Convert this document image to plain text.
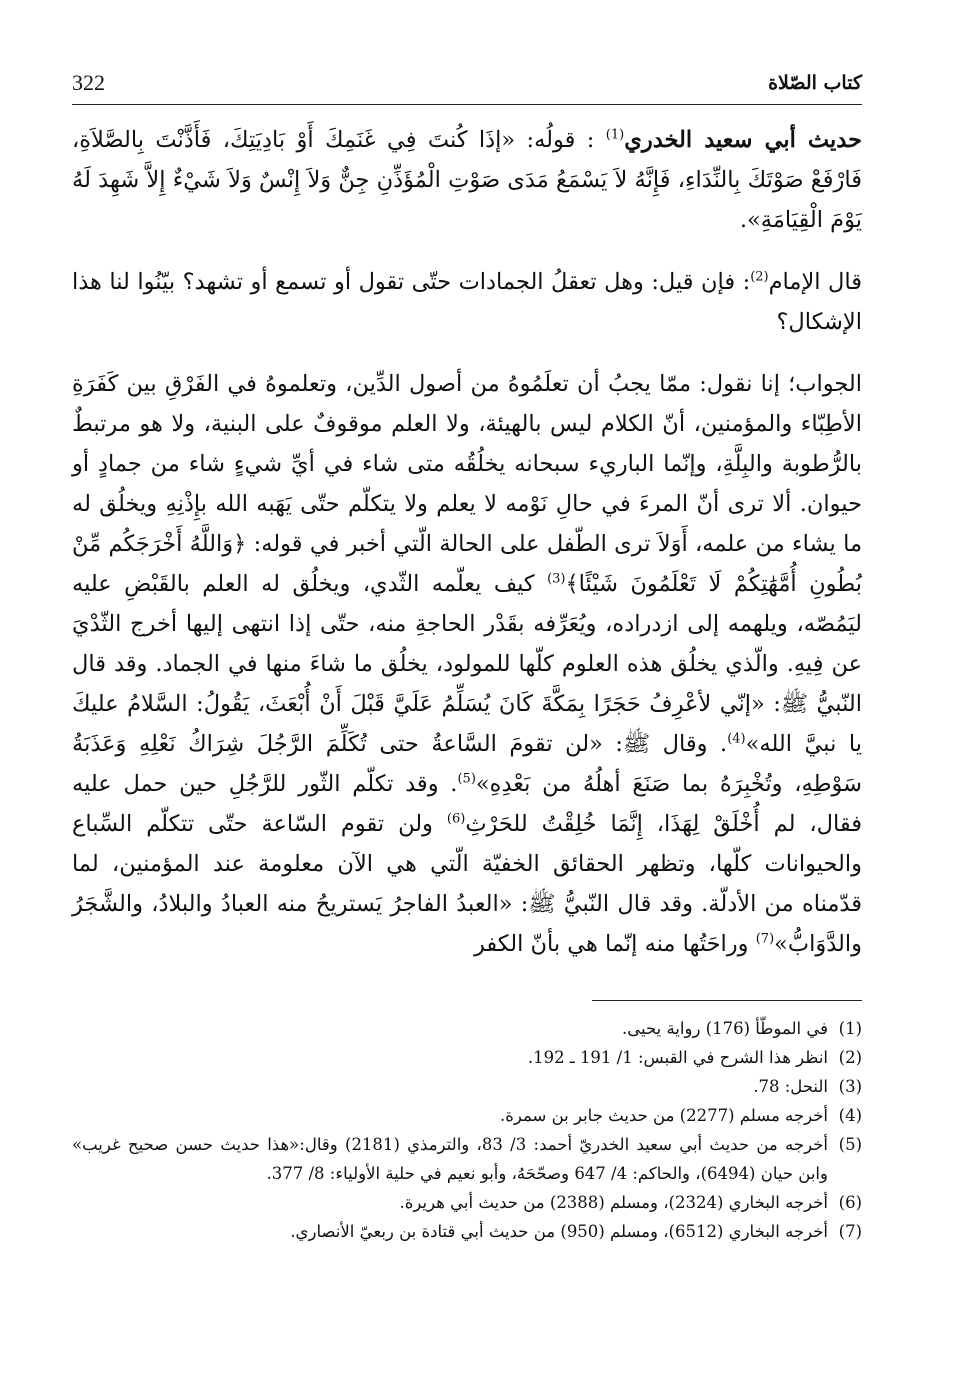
322	كتاب الصّلاة

حديث أبي سعيد الخدري$^{(1)}$ : قولُه: «إذَا كُنتَ فِي غَنَمِكَ أَوْ بَادِيَتِكَ، فَأَذَّنْتَ بِالصَّلاَةِ، فَارْفَعْ صَوْتَكَ بِالنِّدَاءِ، فَإِنَّهُ لاَ يَسْمَعُ مَدَى صَوْتِ الْمُؤَذِّنِ جِنٌّ وَلاَ إِنْسٌ وَلاَ شَيْءٌ إِلاَّ شَهِدَ لَهُ يَوْمَ الْقِيَامَةِ».

قال الإمام$^{(2)}$: فإن قيل: وهل تعقلُ الجمادات حتّى تقول أو تسمع أو تشهد؟ بيّنُوا لنا هذا الإشكال؟

الجواب؛ إنا نقول: ممّا يجبُ أن تعلَمُوهُ من أصول الدِّين، وتعلموهُ في الفَرْقِ بين كَفَرَةِ الأطِبّاء والمؤمنين، أنّ الكلام ليس بالهيئة، ولا العلم موقوفٌ على البنية، ولا هو مرتبطٌ بالرُّطوبة والبِلَّةِ، وإنّما الباريء سبحانه يخلُقُه متى شاء في أيِّ شيءٍ شاء من جمادٍ أو حيوان. ألا ترى أنّ المرءَ في حالِ نَوْمه لا يعلم ولا يتكلّم حتّى يَهَبه الله بإِذْنِهِ ويخلُق له ما يشاء من علمه، أَوَلاَ ترى الطّفل على الحالة الّتي أخبر في قوله: ﴿وَاللَّهُ أَخْرَجَكُم مِّنْ بُطُونِ أُمَّهَٰتِكُمْ لَا تَعْلَمُونَ شَيْئًا﴾$^{(3)}$ كيف يعلّمه الثّدي، ويخلُق له العلم بالقَبْضِ عليه ليَمُصّه، ويلهمه إلى ازدراده، ويُعَرِّفه بقَدْر الحاجةِ منه، حتّى إذا انتهى إليها أخرج الثّدْيَ عن فِيهِ. والّذي يخلُق هذه العلوم كلّها للمولود، يخلُق ما شاءَ منها في الجماد. وقد قال النّبيُّ ﷺ: «إنّي لأعْرِفُ حَجَرًا بِمَكَّةَ كَانَ يُسَلِّمُ عَلَيَّ قَبْلَ أَنْ أُبْعَثَ، يَقُولُ: السَّلامُ عليكَ يا نبيَّ الله»$^{(4)}$. وقال ﷺ: «لن تقومَ السَّاعةُ حتى تُكَلِّمَ الرَّجُلَ شِرَاكُ نَعْلِهِ وَعَذَبَةُ سَوْطِهِ، وتُخْبِرَهُ بما صَنَعَ أهلُهُ من بَعْدِهِ»$^{(5)}$. وقد تكلّم الثّور للرَّجُلِ حين حمل عليه فقال، لم أُخْلَقْ لِهَذَا، إِنَّمَا خُلِقْتُ للحَرْثِ$^{(6)}$ ولن تقوم السّاعة حتّى تتكلّم السِّباع والحيوانات كلّها، وتظهر الحقائق الخفيّة الّتي هي الآن معلومة عند المؤمنين، لما قدّمناه من الأدلّة. وقد قال النّبيُّ ﷺ: «العبدُ الفاجرُ يَستريحُ منه العبادُ والبلادُ، والشَّجَرُ والدَّوَابُّ»$^{(7)}$ وراحَتُها منه إنّما هي بأنّ الكفر

(1)
في الموطّأ (176) رواية يحيى.
(2)
انظر هذا الشرح في القبس: 1/ 191 ـ 192.
(3)
النحل: 78.
(4)
أخرجه مسلم (2277) من حديث جابر بن سمرة.
(5)
أخرجه من حديث أبي سعيد الخدريّ أحمد: 3/ 83، والترمذي (2181) وقال:«هذا حديث حسن صحيح غريب» وابن حيان (6494)، والحاكم: 4/ 647 وصحّحَهُ، وأبو نعيم في حلية الأولياء: 8/ 377.
(6)
أخرجه البخاري (2324)، ومسلم (2388) من حديث أبي هريرة.
(7)
أخرجه البخاري (6512)، ومسلم (950) من حديث أبي قتادة بن ربعيّ الأنصاري.
